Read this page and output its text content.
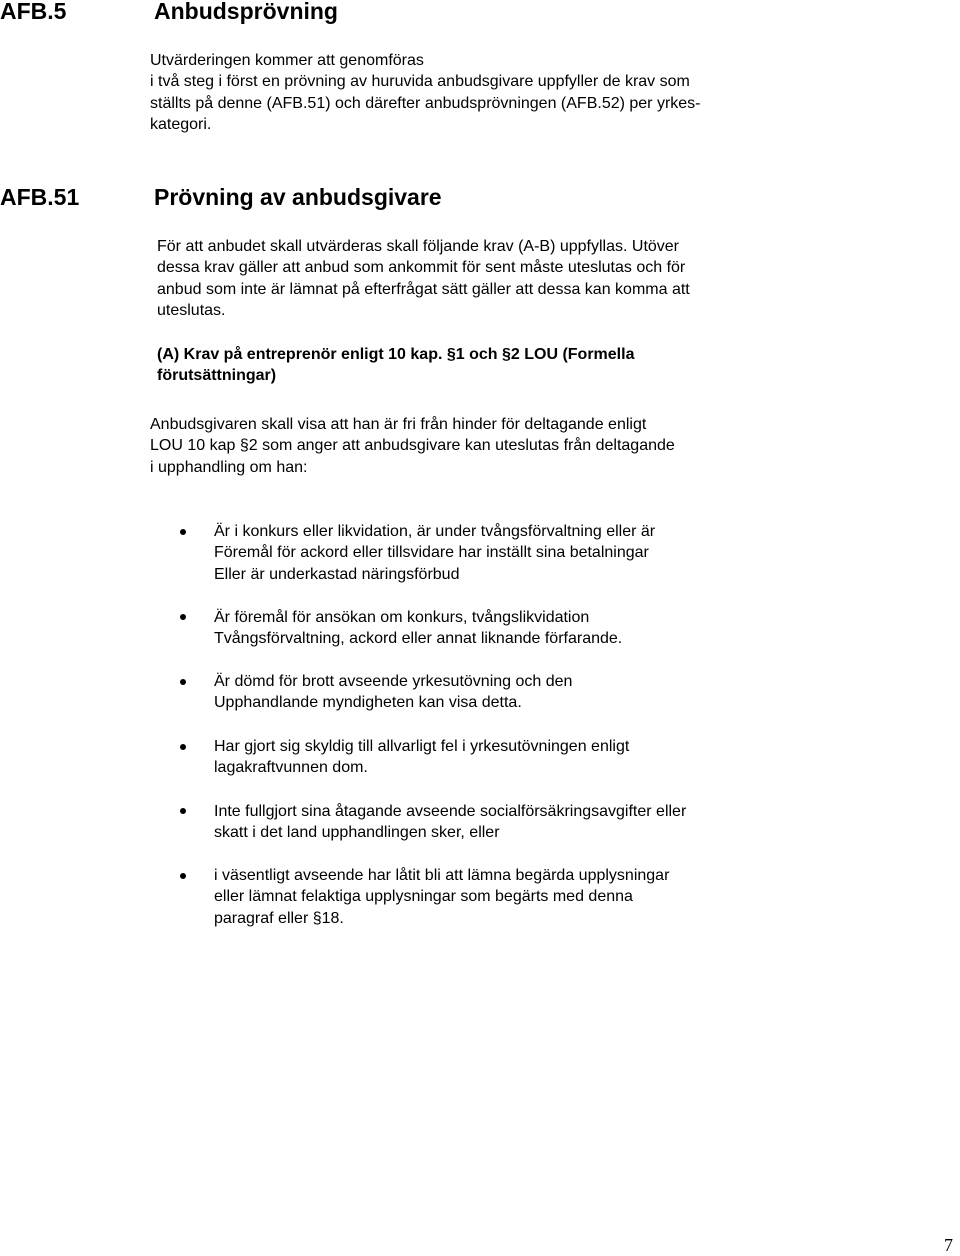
AFB.5	Anbudsprövning

Utvärderingen kommer att genomföras
i två steg i först en prövning av huruvida anbudsgivare uppfyller de krav som
ställts på denne (AFB.51) och därefter anbudsprövningen (AFB.52) per yrkes-
kategori.

AFB.51	Prövning av anbudsgivare

För att anbudet skall utvärderas skall följande krav (A-B) uppfyllas. Utöver
dessa krav gäller att anbud som ankommit för sent måste uteslutas och för
anbud som inte är lämnat på efterfrågat sätt gäller att dessa kan komma att
uteslutas.

(A) Krav på entreprenör enligt 10 kap. §1 och §2 LOU (Formella
förutsättningar)

Anbudsgivaren skall visa att han är fri från hinder för deltagande enligt
LOU 10 kap §2 som anger att anbudsgivare kan uteslutas från deltagande
i upphandling om han:

Är i konkurs eller likvidation, är under tvångsförvaltning eller är
Föremål för ackord eller tillsvidare har inställt sina betalningar
Eller är underkastad näringsförbud

Är föremål för ansökan om konkurs, tvångslikvidation
Tvångsförvaltning, ackord eller annat liknande förfarande.

Är dömd för brott avseende yrkesutövning och den
Upphandlande myndigheten kan visa detta.

Har gjort sig skyldig till allvarligt fel i yrkesutövningen enligt
lagakraftvunnen dom.

Inte fullgjort sina åtagande avseende socialförsäkringsavgifter eller
skatt i det land upphandlingen sker, eller

i väsentligt avseende har låtit bli att lämna begärda upplysningar
eller lämnat felaktiga upplysningar som begärts med denna
paragraf eller §18.

7
